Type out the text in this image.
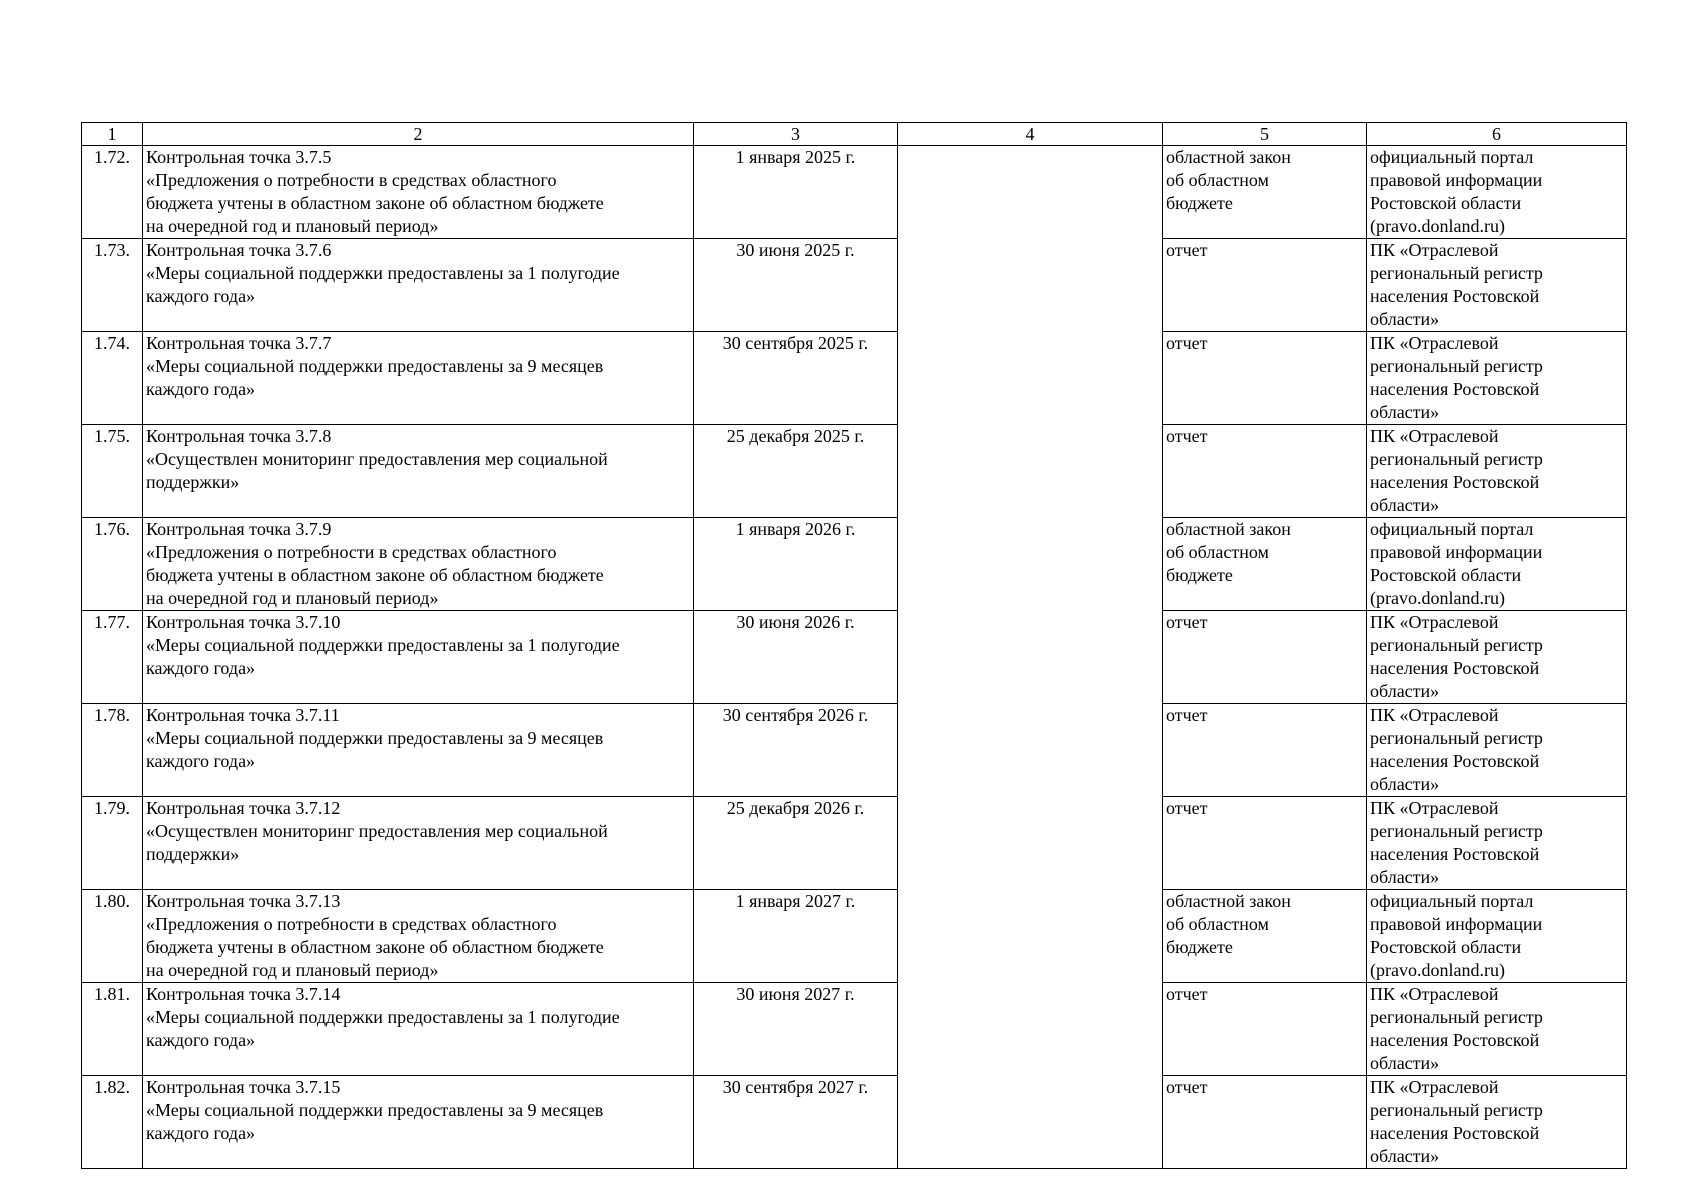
1	2	3	4	5	6
1.72.	Контрольная точка 3.7.5
«Предложения о потребности в средствах областного
бюджета учтены в областном законе об областном бюджете
на очередной год и плановый период»	1 января 2025 г.		областной закон
об областном
бюджете	официальный портал
правовой информации
Ростовской области
(pravo.donland.ru)

1.73.	Контрольная точка 3.7.6
«Меры социальной поддержки предоставлены за 1 полугодие
каждого года»	30 июня 2025 г.		отчет	ПК «Отраслевой
региональный регистр
населения Ростовской
области»

1.74.	Контрольная точка 3.7.7
«Меры социальной поддержки предоставлены за 9 месяцев
каждого года»	30 сентября 2025 г.		отчет	ПК «Отраслевой
региональный регистр
населения Ростовской
области»

1.75.	Контрольная точка 3.7.8
«Осуществлен мониторинг предоставления мер социальной
поддержки»	25 декабря 2025 г.		отчет	ПК «Отраслевой
региональный регистр
населения Ростовской
области»

1.76.	Контрольная точка 3.7.9
«Предложения о потребности в средствах областного
бюджета учтены в областном законе об областном бюджете
на очередной год и плановый период»	1 января 2026 г.		областной закон
об областном
бюджете	официальный портал
правовой информации
Ростовской области
(pravo.donland.ru)

1.77.	Контрольная точка 3.7.10
«Меры социальной поддержки предоставлены за 1 полугодие
каждого года»	30 июня 2026 г.		отчет	ПК «Отраслевой
региональный регистр
населения Ростовской
области»

1.78.	Контрольная точка 3.7.11
«Меры социальной поддержки предоставлены за 9 месяцев
каждого года»	30 сентября 2026 г.		отчет	ПК «Отраслевой
региональный регистр
населения Ростовской
области»

1.79.	Контрольная точка 3.7.12
«Осуществлен мониторинг предоставления мер социальной
поддержки»	25 декабря 2026 г.		отчет	ПК «Отраслевой
региональный регистр
населения Ростовской
области»

1.80.	Контрольная точка 3.7.13
«Предложения о потребности в средствах областного
бюджета учтены в областном законе об областном бюджете
на очередной год и плановый период»	1 января 2027 г.		областной закон
об областном
бюджете	официальный портал
правовой информации
Ростовской области
(pravo.donland.ru)

1.81.	Контрольная точка 3.7.14
«Меры социальной поддержки предоставлены за 1 полугодие
каждого года»	30 июня 2027 г.		отчет	ПК «Отраслевой
региональный регистр
населения Ростовской
области»

1.82.	Контрольная точка 3.7.15
«Меры социальной поддержки предоставлены за 9 месяцев
каждого года»	30 сентября 2027 г.		отчет	ПК «Отраслевой
региональный регистр
населения Ростовской
области»
